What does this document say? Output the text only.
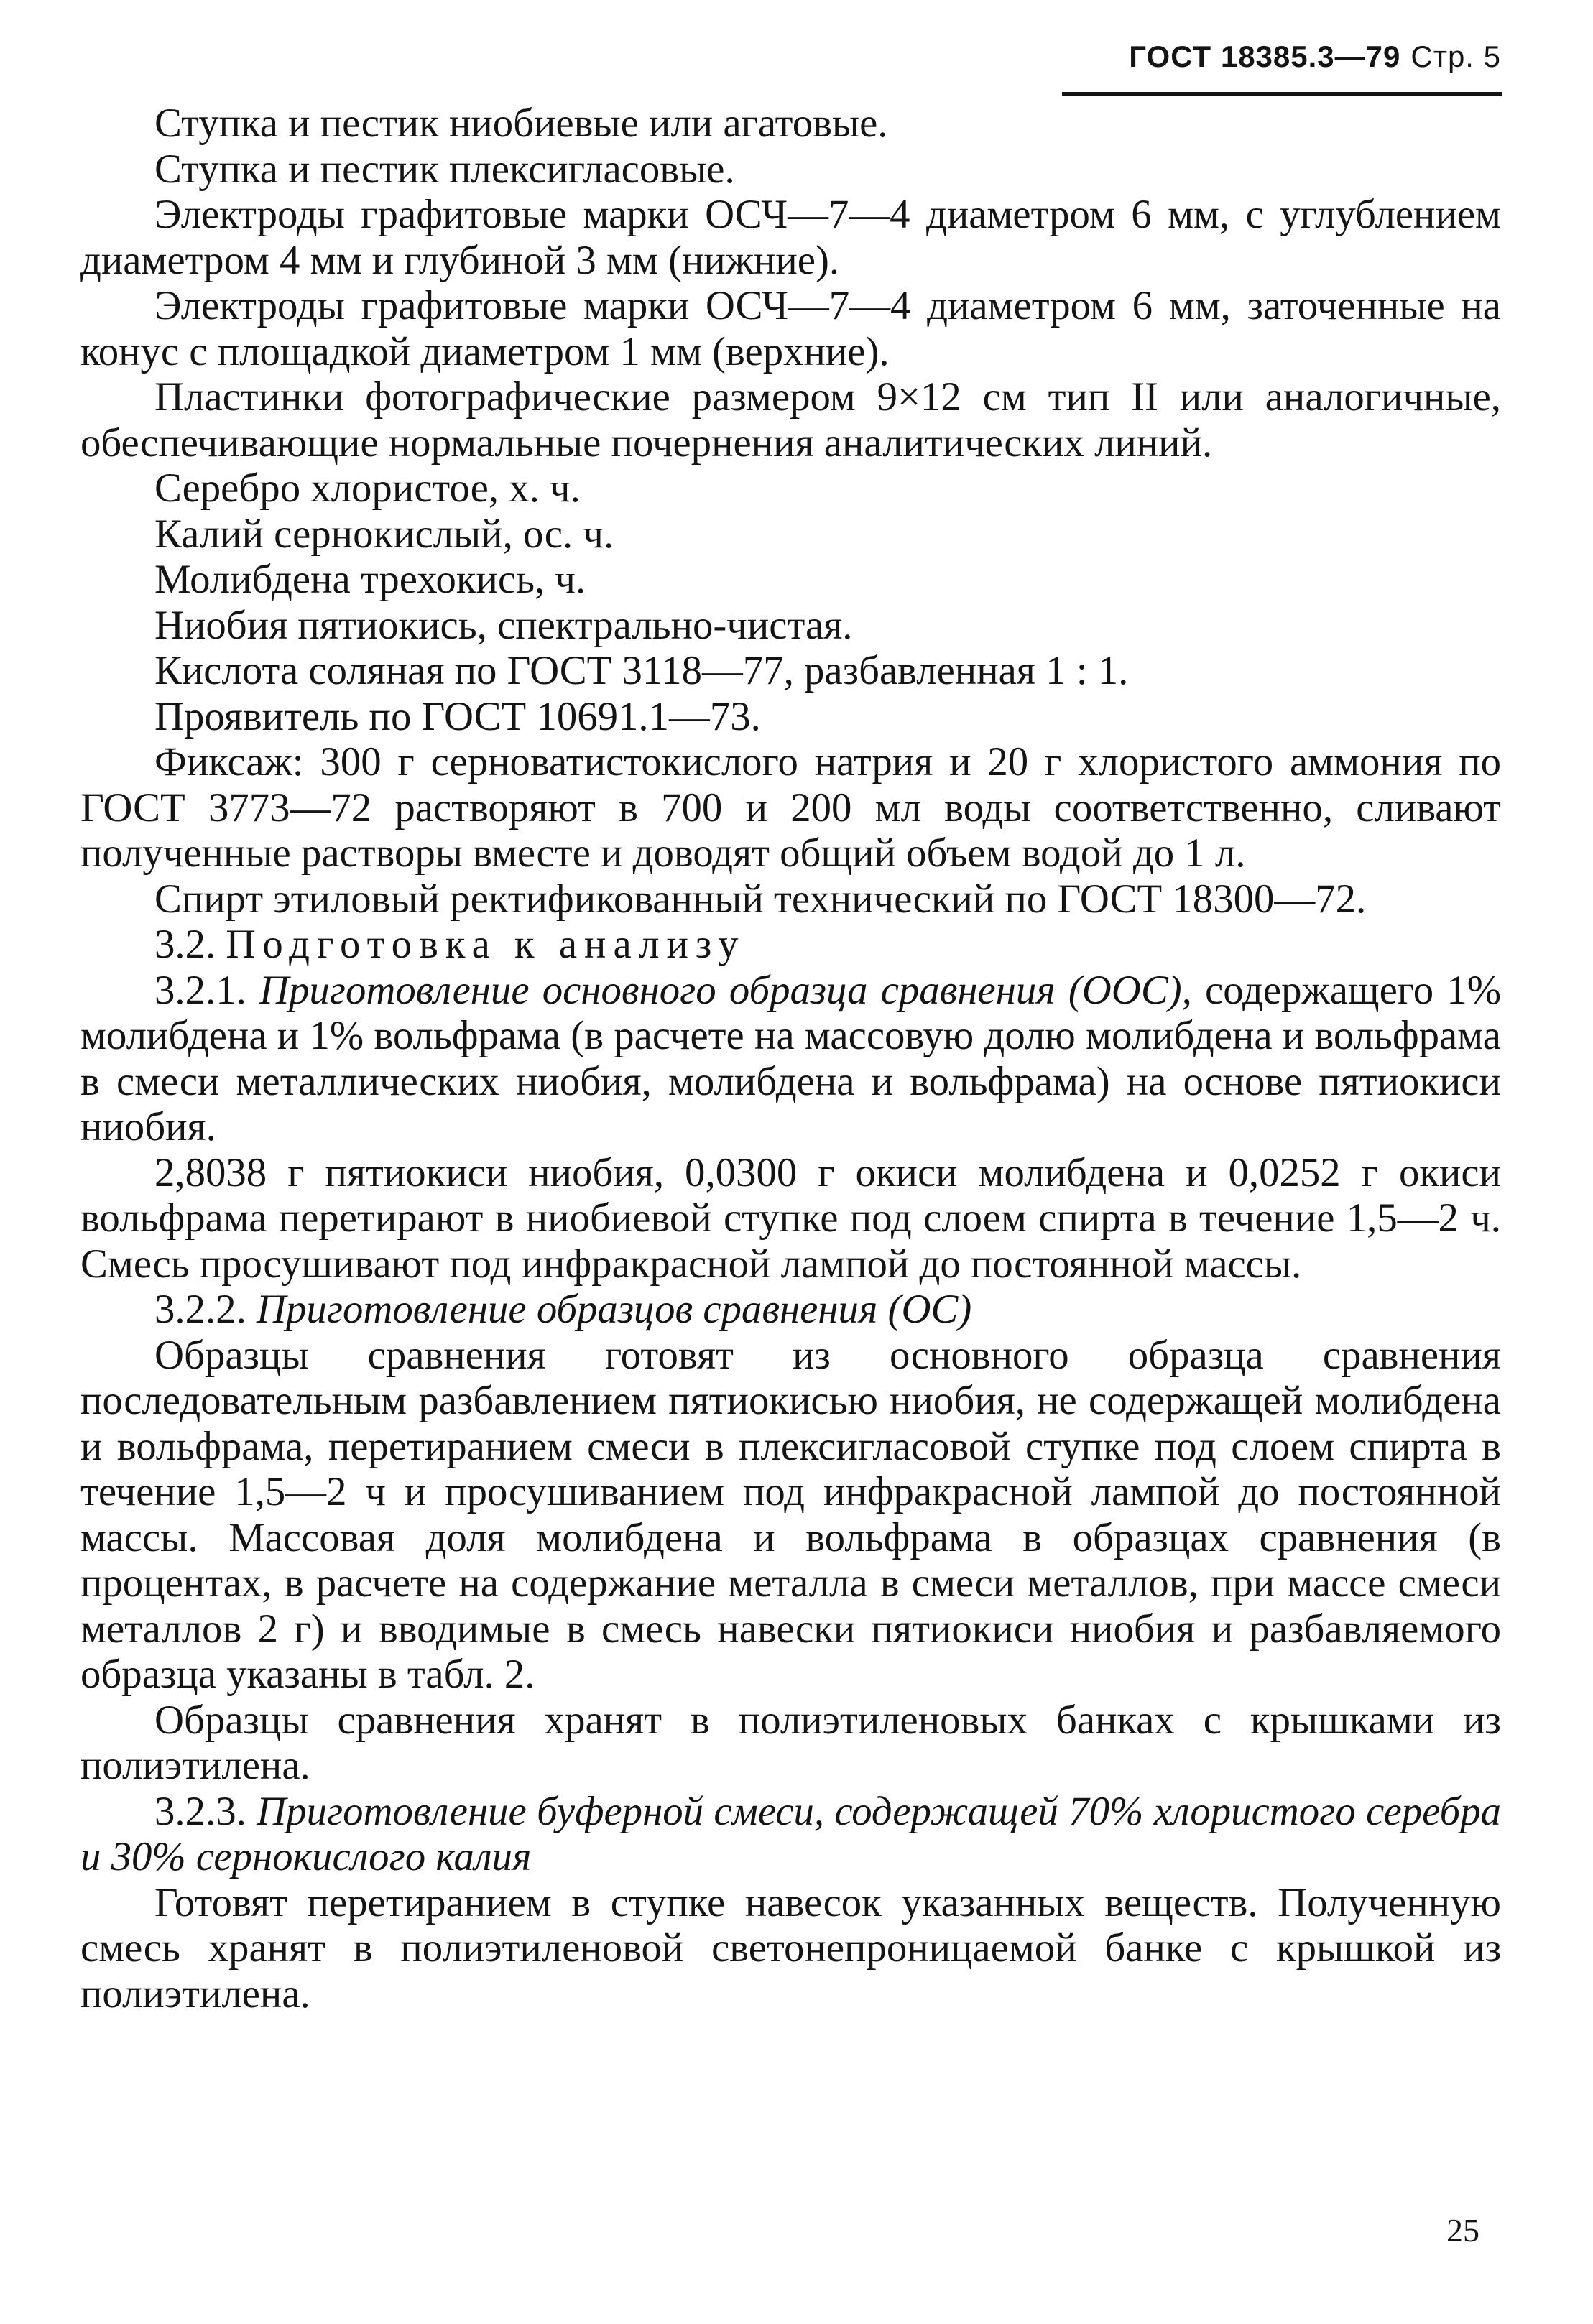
ГОСТ 18385.3—79 Стр. 5

Ступка и пестик ниобиевые или агатовые.

Ступка и пестик плексигласовые.

Электроды графитовые марки ОСЧ—7—4 диаметром 6 мм, с углублением диаметром 4 мм и глубиной 3 мм (нижние).

Электроды графитовые марки ОСЧ—7—4 диаметром 6 мм, заточенные на конус с площадкой диаметром 1 мм (верхние).

Пластинки фотографические размером 9×12 см тип II или аналогичные, обеспечивающие нормальные почернения аналитических линий.

Серебро хлористое, х. ч.

Калий сернокислый, ос. ч.

Молибдена трехокись, ч.

Ниобия пятиокись, спектрально-чистая.

Кислота соляная по ГОСТ 3118—77, разбавленная 1 : 1.

Проявитель по ГОСТ 10691.1—73.

Фиксаж: 300 г серноватистокислого натрия и 20 г хлористого аммония по ГОСТ 3773—72 растворяют в 700 и 200 мл воды соответственно, сливают полученные растворы вместе и доводят общий объем водой до 1 л.

Спирт этиловый ректификованный технический по ГОСТ 18300—72.

3.2. Подготовка к анализу

3.2.1. Приготовление основного образца сравнения (ООС), содержащего 1% молибдена и 1% вольфрама (в расчете на массовую долю молибдена и вольфрама в смеси металлических ниобия, молибдена и вольфрама) на основе пятиокиси ниобия.

2,8038 г пятиокиси ниобия, 0,0300 г окиси молибдена и 0,0252 г окиси вольфрама перетирают в ниобиевой ступке под слоем спирта в течение 1,5—2 ч. Смесь просушивают под инфракрасной лампой до постоянной массы.

3.2.2. Приготовление образцов сравнения (ОС)

Образцы сравнения готовят из основного образца сравнения последовательным разбавлением пятиокисью ниобия, не содержащей молибдена и вольфрама, перетиранием смеси в плексигласовой ступке под слоем спирта в течение 1,5—2 ч и просушиванием под инфракрасной лампой до постоянной массы. Массовая доля молибдена и вольфрама в образцах сравнения (в процентах, в расчете на содержание металла в смеси металлов, при массе смеси металлов 2 г) и вводимые в смесь навески пятиокиси ниобия и разбавляемого образца указаны в табл. 2.

Образцы сравнения хранят в полиэтиленовых банках с крышками из полиэтилена.

3.2.3. Приготовление буферной смеси, содержащей 70% хлористого серебра и 30% сернокислого калия

Готовят перетиранием в ступке навесок указанных веществ. Полученную смесь хранят в полиэтиленовой светонепроницаемой банке с крышкой из полиэтилена.

25
